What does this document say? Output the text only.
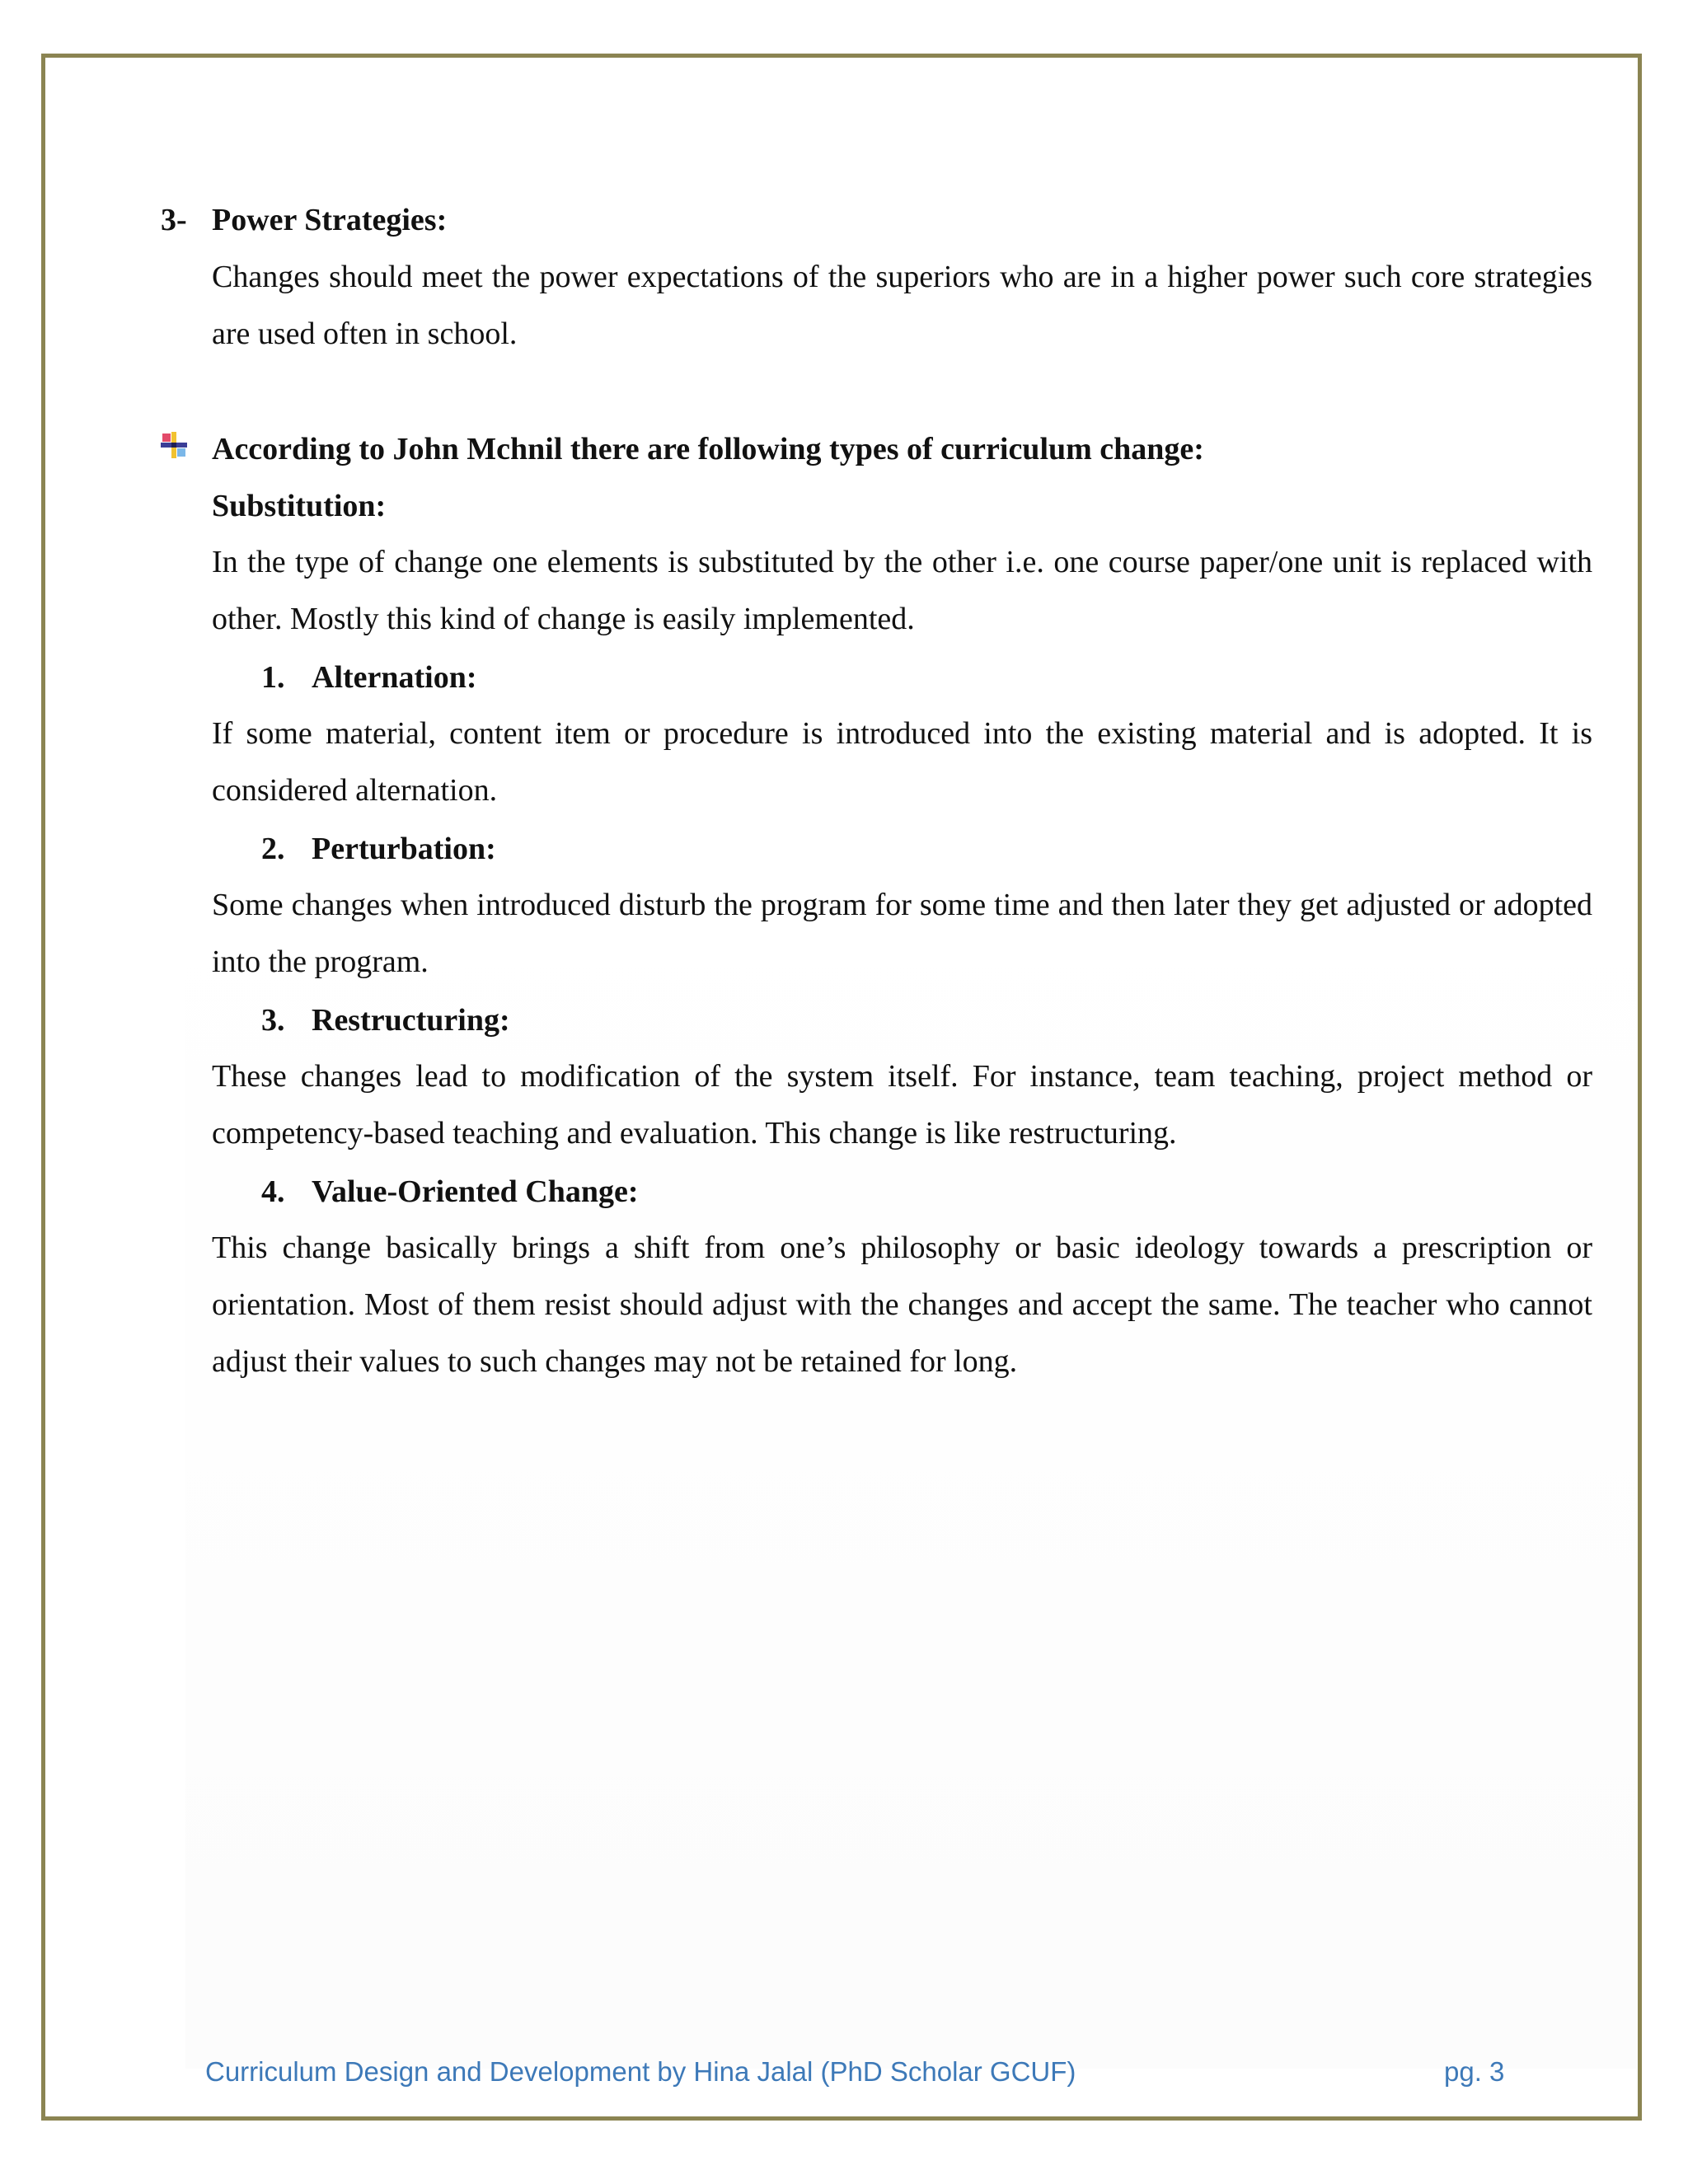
3- Power Strategies:
Changes should meet the power expectations of the superiors who are in a higher power such core strategies are used often in school.
According to John Mchnil there are following types of curriculum change:
Substitution:
In the type of change one elements is substituted by the other i.e. one course paper/one unit is replaced with other. Mostly this kind of change is easily implemented.
1. Alternation:
If some material, content item or procedure is introduced into the existing material and is adopted. It is considered alternation.
2. Perturbation:
Some changes when introduced disturb the program for some time and then later they get adjusted or adopted into the program.
3. Restructuring:
These changes lead to modification of the system itself. For instance, team teaching, project method or competency-based teaching and evaluation. This change is like restructuring.
4. Value-Oriented Change:
This change basically brings a shift from one’s philosophy or basic ideology towards a prescription or orientation. Most of them resist should adjust with the changes and accept the same. The teacher who cannot adjust their values to such changes may not be retained for long.
Curriculum Design and Development by Hina Jalal (PhD Scholar GCUF)	pg. 3
